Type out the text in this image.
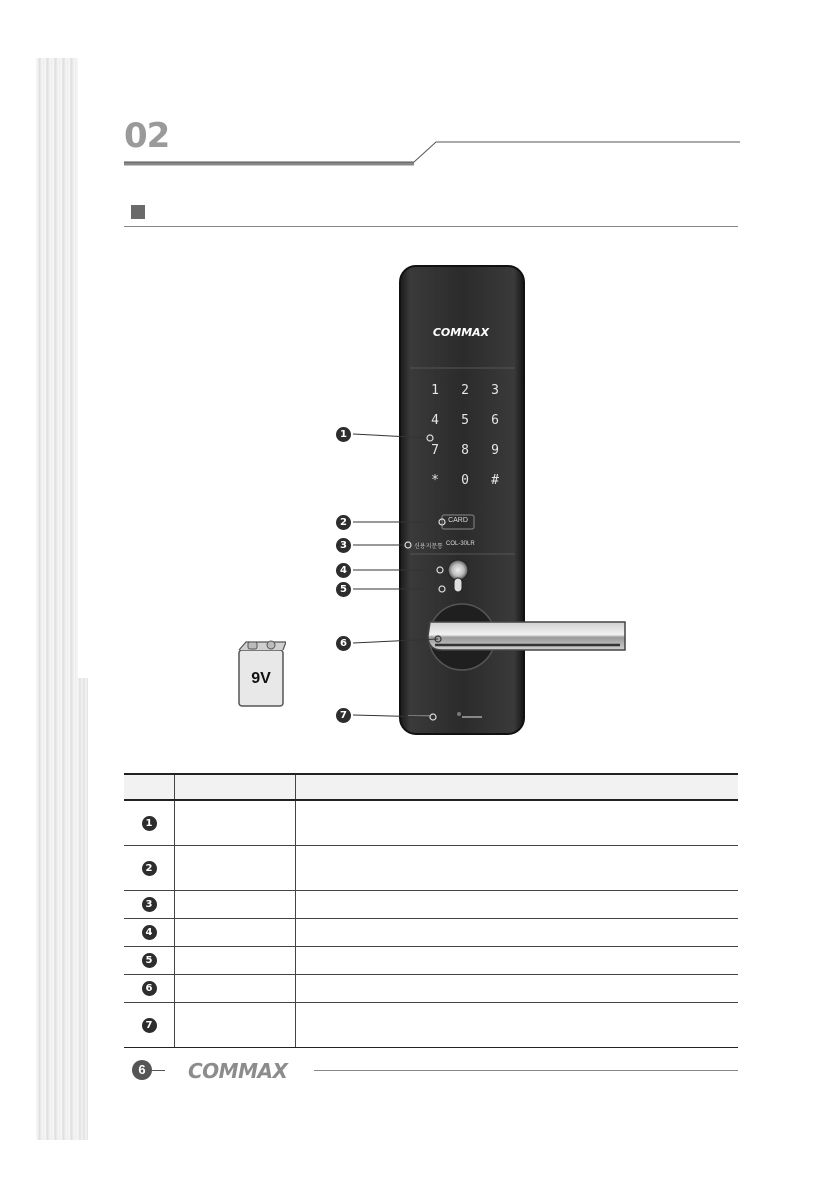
02
COMMAX
1	2	3
4	5	6
7	8	9
*	0	#
CARD
신용지문통 COL-30LR
1
2
3
4
5
6
7
9V

1		
2		
3		
4		
5		
6		
7		
6	COMMAX
